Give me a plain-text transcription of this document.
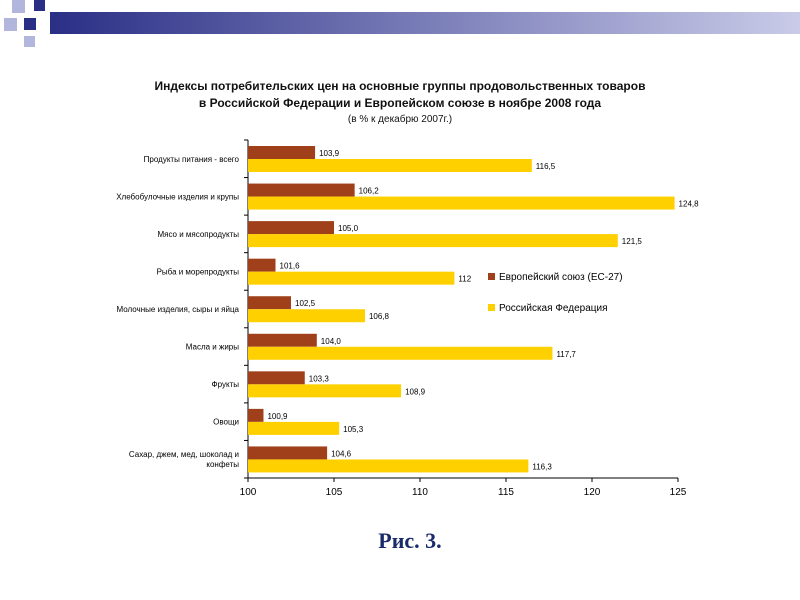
Индексы потребительских цен на основные группы продовольственных товаров
в Российской Федерации и Европейском союзе в ноябре 2008 года
(в % к декабрю 2007г.)
100	105	110	115	120	125
Продукты питания - всего
Хлебобулочные изделия и крупы
Мясо и мясопродукты
Рыба и морепродукты
Молочные изделия, сыры и яйца
Масла и жиры
Фрукты
Овощи
Сахар, джем, мед, шоколад и конфеты
103,9
116,5
106,2
124,8
105,0
121,5
101,6
112
102,5
106,8
104,0
117,7
103,3
108,9
100,9
105,3
104,6
116,3
Европейский союз (ЕС-27)
Российская Федерация
Рис. 3.
